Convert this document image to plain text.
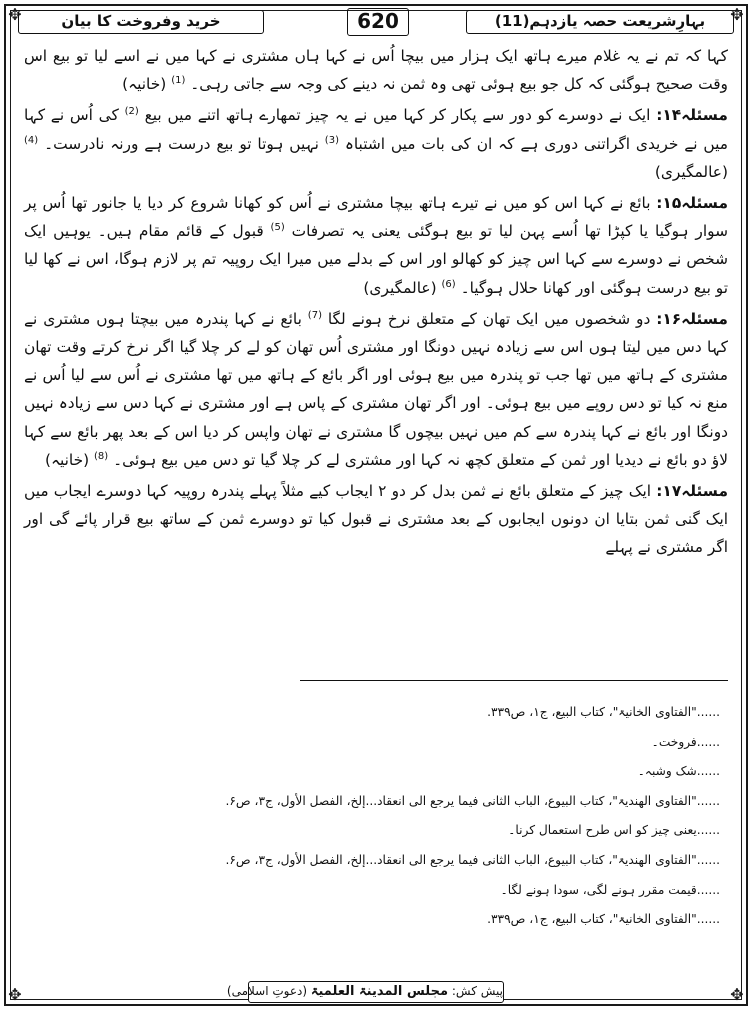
✥	✥
✥	✥
بہارِشریعت حصہ یازدہم(11)
620
خرید وفروخت کا بیان

کہا کہ تم نے یہ غلام میرے ہاتھ ایک ہزار میں بیچا اُس نے کہا ہاں مشتری نے کہا میں نے اسے لیا تو بیع اس وقت صحیح ہوگئی کہ کل جو بیع ہوئی تھی وہ ثمن نہ دینے کی وجہ سے جاتی رہی۔ $^{(1)}$ (خانیہ)

مسئلہ۱۴: ایک نے دوسرے کو دور سے پکار کر کہا میں نے یہ چیز تمھارے ہاتھ اتنے میں بیع $^{(2)}$ کی اُس نے کہا میں نے خریدی اگراتنی دوری ہے کہ ان کی بات میں اشتباہ $^{(3)}$ نہیں ہوتا تو بیع درست ہے ورنہ نادرست۔ $^{(4)}$ (عالمگیری)

مسئلہ۱۵: بائع نے کہا اس کو میں نے تیرے ہاتھ بیچا مشتری نے اُس کو کھانا شروع کر دیا یا جانور تھا اُس پر سوار ہوگیا یا کپڑا تھا اُسے پہن لیا تو بیع ہوگئی یعنی یہ تصرفات $^{(5)}$ قبول کے قائم مقام ہیں۔ یوہیں ایک شخص نے دوسرے سے کہا اس چیز کو کھالو اور اس کے بدلے میں میرا ایک روپیہ تم پر لازم ہوگا، اس نے کھا لیا تو بیع درست ہوگئی اور کھانا حلال ہوگیا۔ $^{(6)}$ (عالمگیری)

مسئلہ۱۶: دو شخصوں میں ایک تھان کے متعلق نرخ ہونے لگا $^{(7)}$ بائع نے کہا پندرہ میں بیچتا ہوں مشتری نے کہا دس میں لیتا ہوں اس سے زیادہ نہیں دونگا اور مشتری اُس تھان کو لے کر چلا گیا اگر نرخ کرتے وقت تھان مشتری کے ہاتھ میں تھا جب تو پندرہ میں بیع ہوئی اور اگر بائع کے ہاتھ میں تھا مشتری نے اُس سے لیا اُس نے منع نہ کیا تو دس روپے میں بیع ہوئی۔ اور اگر تھان مشتری کے پاس ہے اور مشتری نے کہا دس سے زیادہ نہیں دونگا اور بائع نے کہا پندرہ سے کم میں نہیں بیچوں گا مشتری نے تھان واپس کر دیا اس کے بعد پھر بائع سے کہا لاؤ دو بائع نے دیدیا اور ثمن کے متعلق کچھ نہ کہا اور مشتری لے کر چلا گیا تو دس میں بیع ہوئی۔ $^{(8)}$ (خانیہ)

مسئلہ۱۷: ایک چیز کے متعلق بائع نے ثمن بدل کر دو ۲ ایجاب کیے مثلاً پہلے پندرہ روپیہ کہا دوسرے ایجاب میں ایک گنی ثمن بتایا ان دونوں ایجابوں کے بعد مشتری نے قبول کیا تو دوسرے ثمن کے ساتھ بیع قرار پائے گی اور اگر مشتری نے پہلے

......"الفتاوی الخانیۃ"، کتاب البیع، ج۱، ص۳۳۹.
......فروخت۔
......شک وشبہ۔
......"الفتاوی الھندیۃ"، کتاب البیوع، الباب الثانی فیما یرجع الی انعقاد...إلخ، الفصل الأول، ج۳، ص۶.
......یعنی چیز کو اس طرح استعمال کرنا۔
......"الفتاوی الھندیۃ"، کتاب البیوع، الباب الثانی فیما یرجع الی انعقاد...إلخ، الفصل الأول، ج۳، ص۶.
......قیمت مقرر ہونے لگی، سودا ہونے لگا۔
......"الفتاوی الخانیۃ"، کتاب البیع، ج۱، ص۳۳۹.
پیش کش: مجلس المدینۃ العلمیۃ (دعوتِ اسلامی)
